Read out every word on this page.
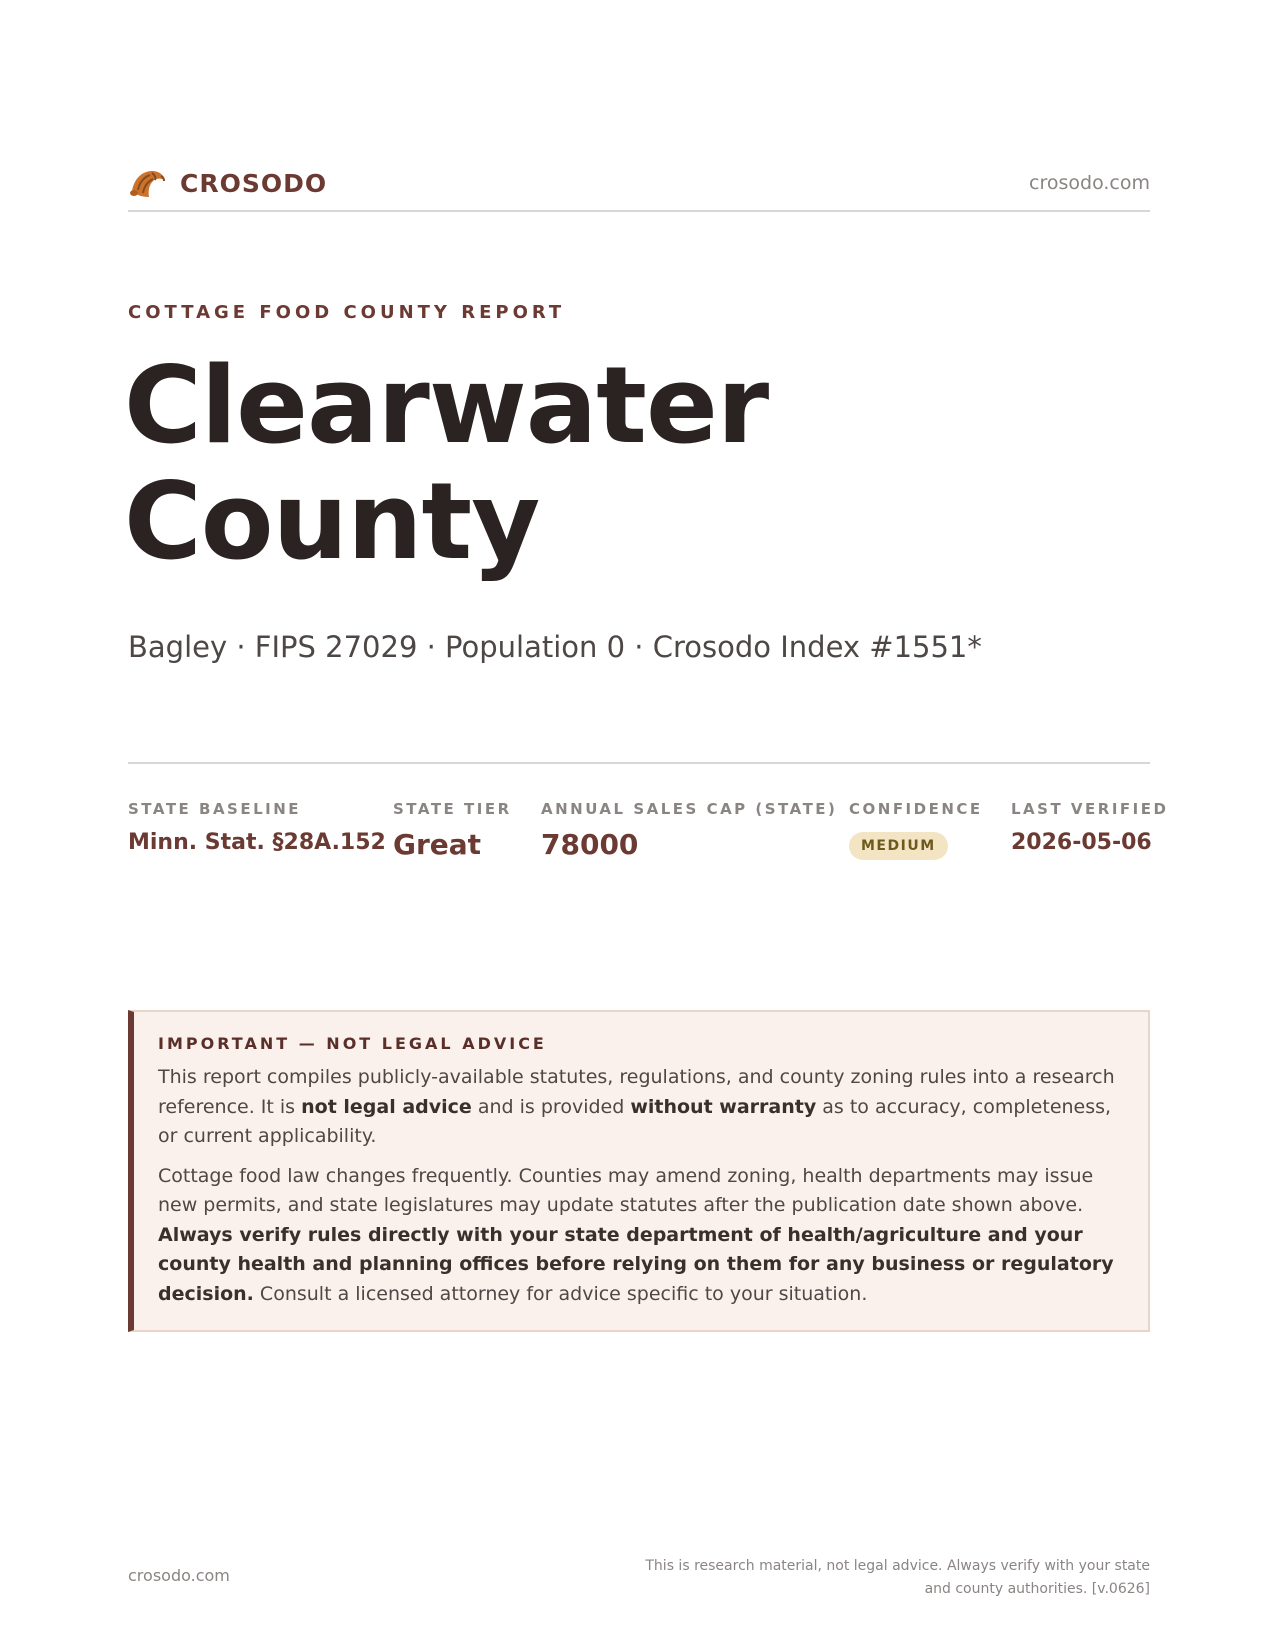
CROSODO	crosodo.com
COTTAGE FOOD COUNTY REPORT
Clearwater
County
Bagley · FIPS 27029 · Population 0 · Crosodo Index #1551*
STATE BASELINE
Minn. Stat. §28A.152
STATE TIER
Great
ANNUAL SALES CAP (STATE)
78000
CONFIDENCE
MEDIUM
LAST VERIFIED
2026-05-06
IMPORTANT — NOT LEGAL ADVICE

This report compiles publicly-available statutes, regulations, and county zoning rules into a research reference. It is not legal advice and is provided without warranty as to accuracy, completeness, or current applicability.

Cottage food law changes frequently. Counties may amend zoning, health departments may issue new permits, and state legislatures may update statutes after the publication date shown above. Always verify rules directly with your state department of health/agriculture and your county health and planning offices before relying on them for any business or regulatory decision. Consult a licensed attorney for advice specific to your situation.

crosodo.com	This is research material, not legal advice. Always verify with your state
and county authorities. [v.0626]
